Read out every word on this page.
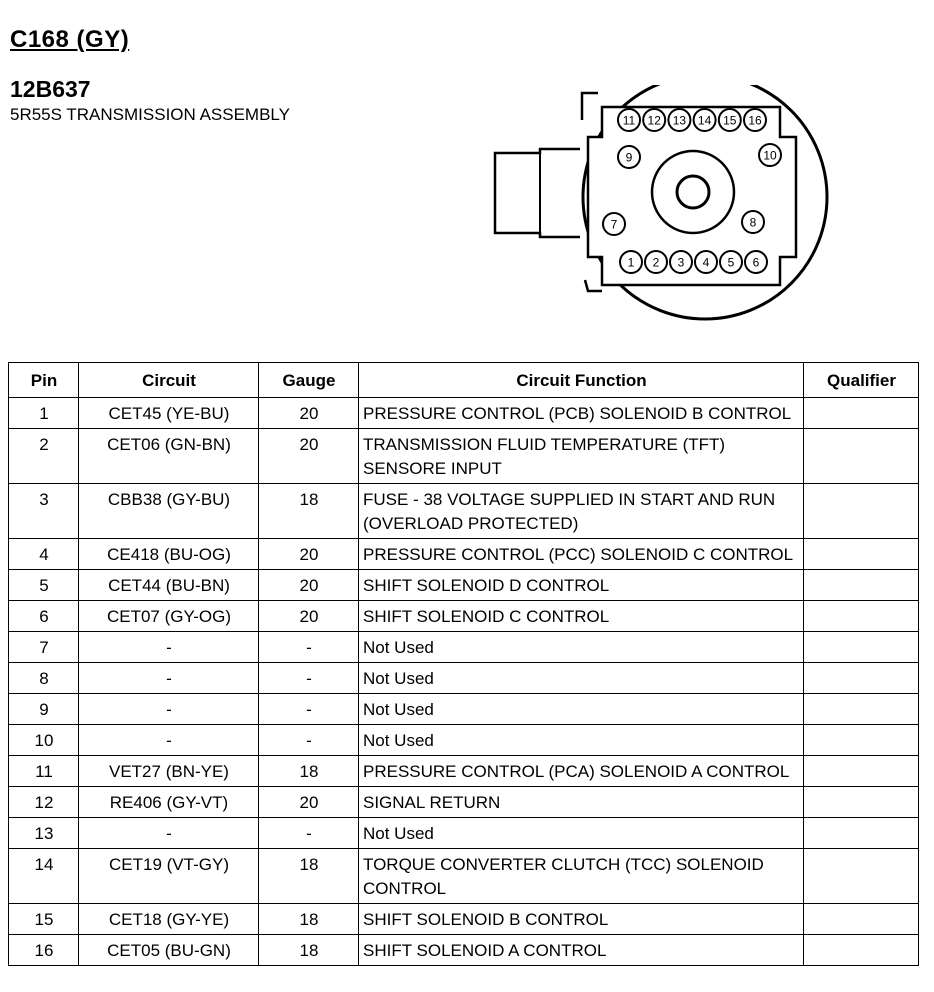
C168 (GY)
12B637
5R55S TRANSMISSION ASSEMBLY	11 12 13 14 15 16
1 2 3 4 5 6
9	10
7	8
Pin	Circuit	Gauge	Circuit Function	Qualifier
1	CET45 (YE-BU)	20	PRESSURE CONTROL (PCB) SOLENOID B CONTROL	
2	CET06 (GN-BN)	20	TRANSMISSION FLUID TEMPERATURE (TFT) SENSORE INPUT	
3	CBB38 (GY-BU)	18	FUSE - 38 VOLTAGE SUPPLIED IN START AND RUN (OVERLOAD PROTECTED)	
4	CE418 (BU-OG)	20	PRESSURE CONTROL (PCC) SOLENOID C CONTROL	
5	CET44 (BU-BN)	20	SHIFT SOLENOID D CONTROL	
6	CET07 (GY-OG)	20	SHIFT SOLENOID C CONTROL	
7	-	-	Not Used	
8	-	-	Not Used	
9	-	-	Not Used	
10	-	-	Not Used	
11	VET27 (BN-YE)	18	PRESSURE CONTROL (PCA) SOLENOID A CONTROL	
12	RE406 (GY-VT)	20	SIGNAL RETURN	
13	-	-	Not Used	
14	CET19 (VT-GY)	18	TORQUE CONVERTER CLUTCH (TCC) SOLENOID CONTROL	
15	CET18 (GY-YE)	18	SHIFT SOLENOID B CONTROL	
16	CET05 (BU-GN)	18	SHIFT SOLENOID A CONTROL	
